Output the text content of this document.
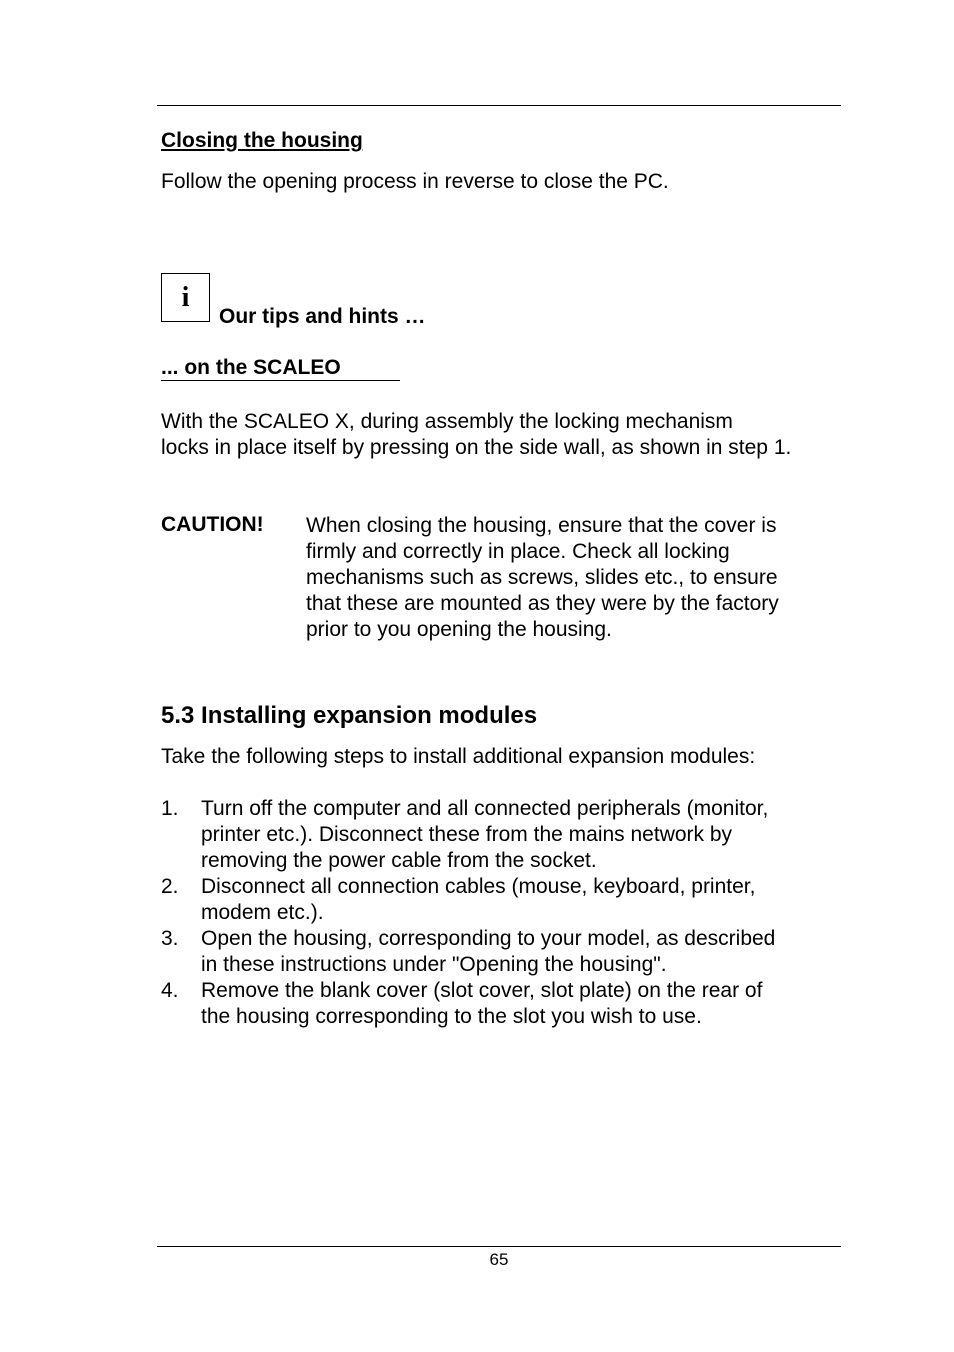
Closing the housing
Follow the opening process in reverse to close the PC.
i
Our tips and hints …
... on the SCALEO
With the SCALEO X, during assembly the locking mechanism
locks in place itself by pressing on the side wall, as shown in step 1.
CAUTION! When closing the housing, ensure that the cover is
firmly and correctly in place. Check all locking
mechanisms such as screws, slides etc., to ensure
that these are mounted as they were by the factory
prior to you opening the housing.
5.3 Installing expansion modules
Take the following steps to install additional expansion modules:
1. Turn off the computer and all connected peripherals (monitor,
printer etc.). Disconnect these from the mains network by
removing the power cable from the socket.
2. Disconnect all connection cables (mouse, keyboard, printer,
modem etc.).
3. Open the housing, corresponding to your model, as described
in these instructions under "Opening the housing".
4. Remove the blank cover (slot cover, slot plate) on the rear of
the housing corresponding to the slot you wish to use.
65
